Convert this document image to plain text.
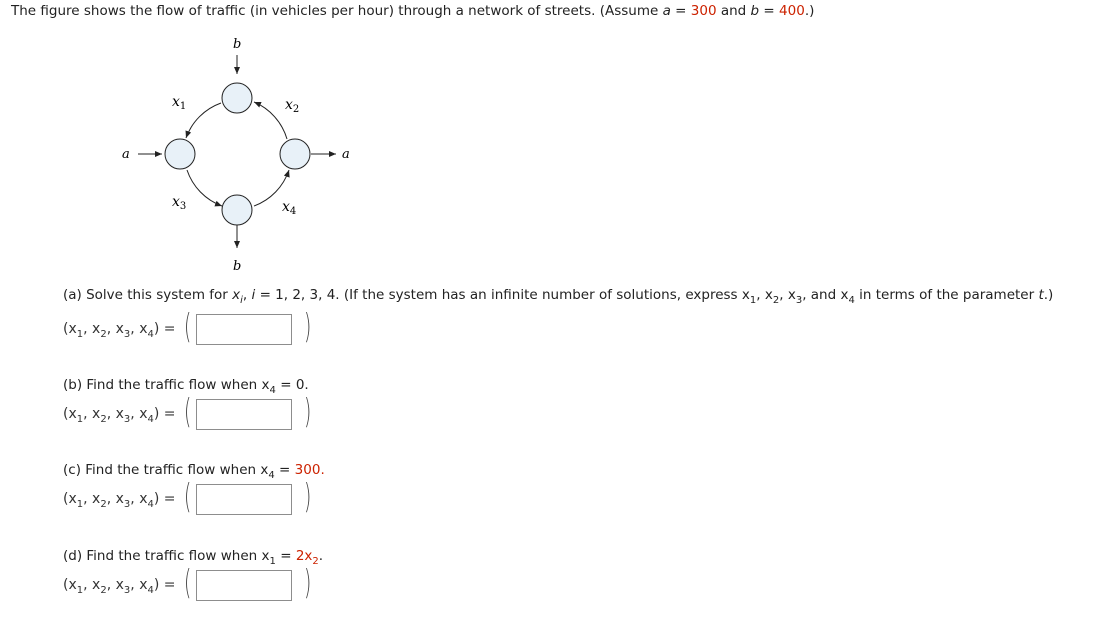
The figure shows the flow of traffic (in vehicles per hour) through a network of streets. (Assume a = 300 and b = 400.)
b
b
a	a
$x_1$	$x_2$
$x_3$	$x_4$
(a) Solve this system for $x_i$, i = 1, 2, 3, 4. (If the system has an infinite number of solutions, express $x_1$, $x_2$, $x_3$, and $x_4$ in terms of the parameter t.)
($x_1$, $x_2$, $x_3$, $x_4$) = (	)
(b) Find the traffic flow when $x_4 = 0$.
($x_1$, $x_2$, $x_3$, $x_4$) = (	)
(c) Find the traffic flow when $x_4 = 300$.
($x_1$, $x_2$, $x_3$, $x_4$) = (	)
(d) Find the traffic flow when $x_1 = 2x_2$.
($x_1$, $x_2$, $x_3$, $x_4$) = (	)
